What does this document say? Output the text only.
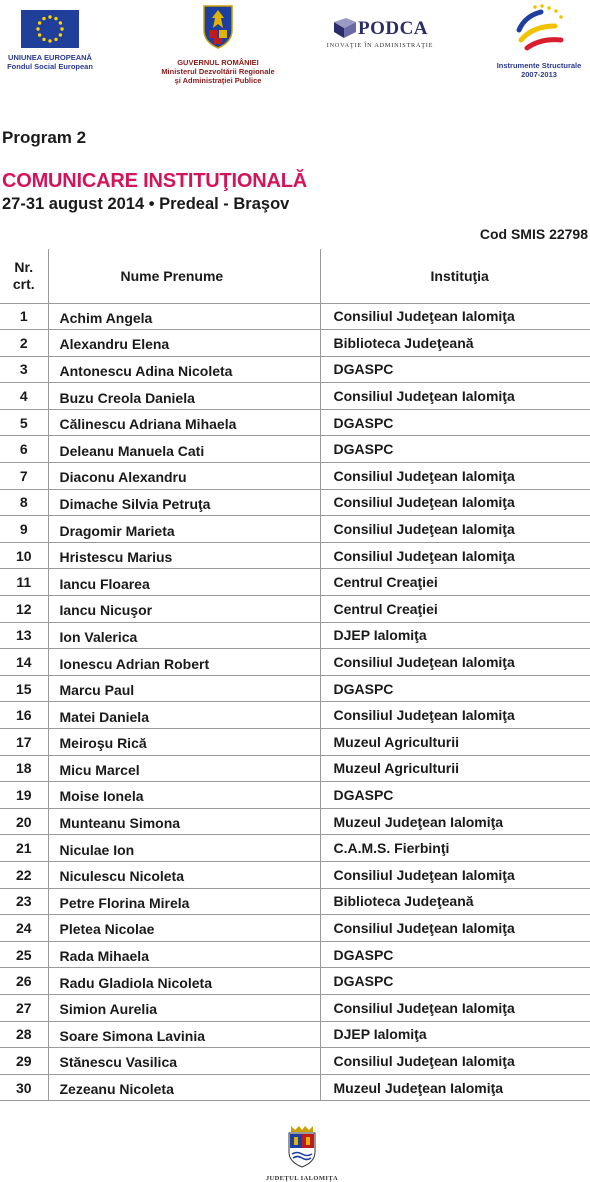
UNIUNEA EUROPEANĂ
Fondul Social European	GUVERNUL ROMÂNIEI
Ministerul Dezvoltării Regionale
şi Administraţiei Publice
PODCA
INOVAŢIE ÎN ADMINISTRAŢIE
Instrumente Structurale
2007-2013
Program 2
COMUNICARE INSTITUŢIONALĂ
27-31 august 2014 • Predeal - Braşov
Cod SMIS 22798
Nr.
crt.	Nume Prenume	Instituţia
1	Achim Angela	Consiliul Judeţean Ialomiţa
2	Alexandru Elena	Biblioteca Judeţeană
3	Antonescu Adina Nicoleta	DGASPC
4	Buzu Creola Daniela	Consiliul Judeţean Ialomiţa
5	Călinescu Adriana Mihaela	DGASPC
6	Deleanu Manuela Cati	DGASPC
7	Diaconu Alexandru	Consiliul Judeţean Ialomiţa
8	Dimache Silvia Petruţa	Consiliul Judeţean Ialomiţa
9	Dragomir Marieta	Consiliul Judeţean Ialomiţa
10	Hristescu Marius	Consiliul Judeţean Ialomiţa
11	Iancu Floarea	Centrul Creaţiei
12	Iancu Nicuşor	Centrul Creaţiei
13	Ion Valerica	DJEP Ialomiţa
14	Ionescu Adrian Robert	Consiliul Judeţean Ialomiţa
15	Marcu Paul	DGASPC
16	Matei Daniela	Consiliul Judeţean Ialomiţa
17	Meiroşu Rică	Muzeul Agriculturii
18	Micu Marcel	Muzeul Agriculturii
19	Moise Ionela	DGASPC
20	Munteanu Simona	Muzeul Judeţean Ialomiţa
21	Niculae Ion	C.A.M.S. Fierbinţi
22	Niculescu Nicoleta	Consiliul Judeţean Ialomiţa
23	Petre Florina Mirela	Biblioteca Judeţeană
24	Pletea Nicolae	Consiliul Judeţean Ialomiţa
25	Rada Mihaela	DGASPC
26	Radu Gladiola Nicoleta	DGASPC
27	Simion Aurelia	Consiliul Judeţean Ialomiţa
28	Soare Simona Lavinia	DJEP Ialomiţa
29	Stănescu Vasilica	Consiliul Judeţean Ialomiţa
30	Zezeanu Nicoleta	Muzeul Judeţean Ialomiţa
JUDEŢUL IALOMIŢA
